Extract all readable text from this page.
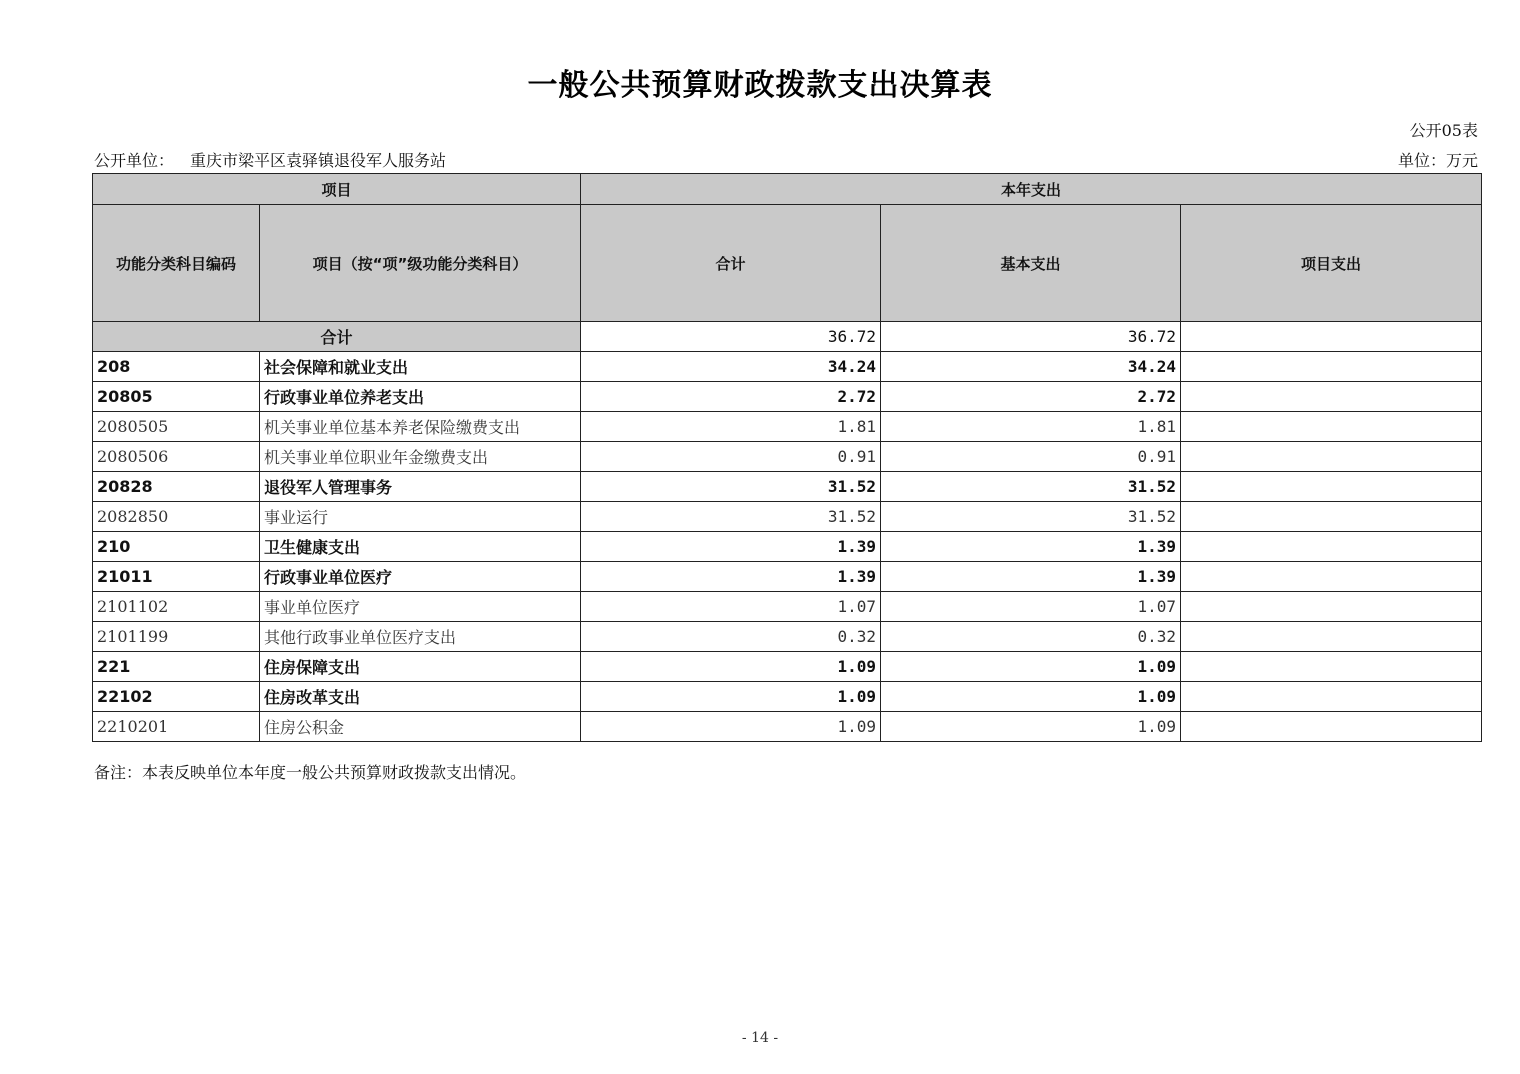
一般公共预算财政拨款支出决算表
公开05表
公开单位： 重庆市梁平区袁驿镇退役军人服务站	单位：万元
项目		本年支出		
功能分类科目编码	项目（按“项”级功能分类科目）	合计	基本支出	项目支出
合计		36.72	36.72	
208	社会保障和就业支出	34.24	34.24	
20805	行政事业单位养老支出	2.72	2.72	
2080505	机关事业单位基本养老保险缴费支出	1.81	1.81	
2080506	机关事业单位职业年金缴费支出	0.91	0.91	
20828	退役军人管理事务	31.52	31.52	
2082850	事业运行	31.52	31.52	
210	卫生健康支出	1.39	1.39	
21011	行政事业单位医疗	1.39	1.39	
2101102	事业单位医疗	1.07	1.07	
2101199	其他行政事业单位医疗支出	0.32	0.32	
221	住房保障支出	1.09	1.09	
22102	住房改革支出	1.09	1.09	
2210201	住房公积金	1.09	1.09	
备注：本表反映单位本年度一般公共预算财政拨款支出情况。
- 14 -
